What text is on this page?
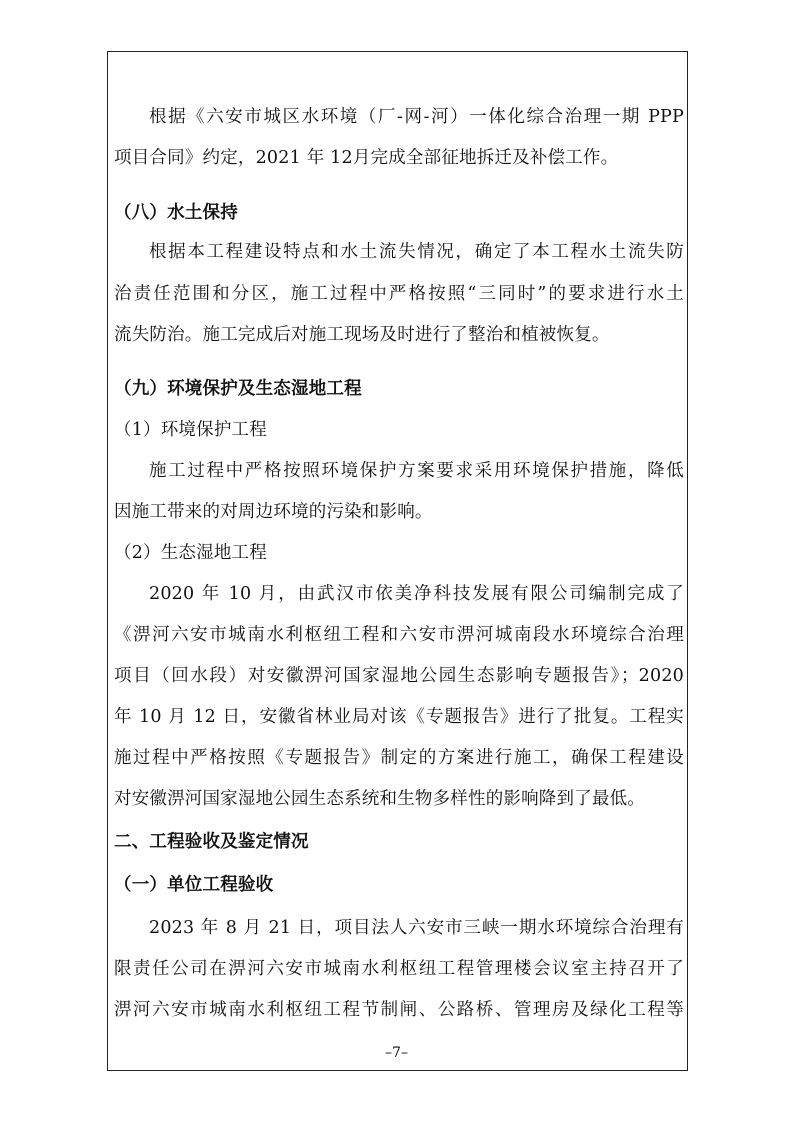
根据《六安市城区水环境（厂-网-河）一体化综合治理一期 PPP
项目合同》约定，2021 年 12月完成全部征地拆迁及补偿工作。
（八）水土保持
根据本工程建设特点和水土流失情况，确定了本工程水土流失防
治责任范围和分区，施工过程中严格按照“三同时”的要求进行水土
流失防治。施工完成后对施工现场及时进行了整治和植被恢复。
（九）环境保护及生态湿地工程
（1）环境保护工程
施工过程中严格按照环境保护方案要求采用环境保护措施，降低
因施工带来的对周边环境的污染和影响。
（2）生态湿地工程
2020 年 10 月，由武汉市依美净科技发展有限公司编制完成了
《淠河六安市城南水利枢纽工程和六安市淠河城南段水环境综合治理
项目（回水段）对安徽淠河国家湿地公园生态影响专题报告》；2020
年 10 月 12 日，安徽省林业局对该《专题报告》进行了批复。工程实
施过程中严格按照《专题报告》制定的方案进行施工，确保工程建设
对安徽淠河国家湿地公园生态系统和生物多样性的影响降到了最低。
二、工程验收及鉴定情况
（一）单位工程验收
2023 年 8 月 21 日，项目法人六安市三峡一期水环境综合治理有
限责任公司在淠河六安市城南水利枢纽工程管理楼会议室主持召开了
淠河六安市城南水利枢纽工程节制闸、公路桥、管理房及绿化工程等
–7–
